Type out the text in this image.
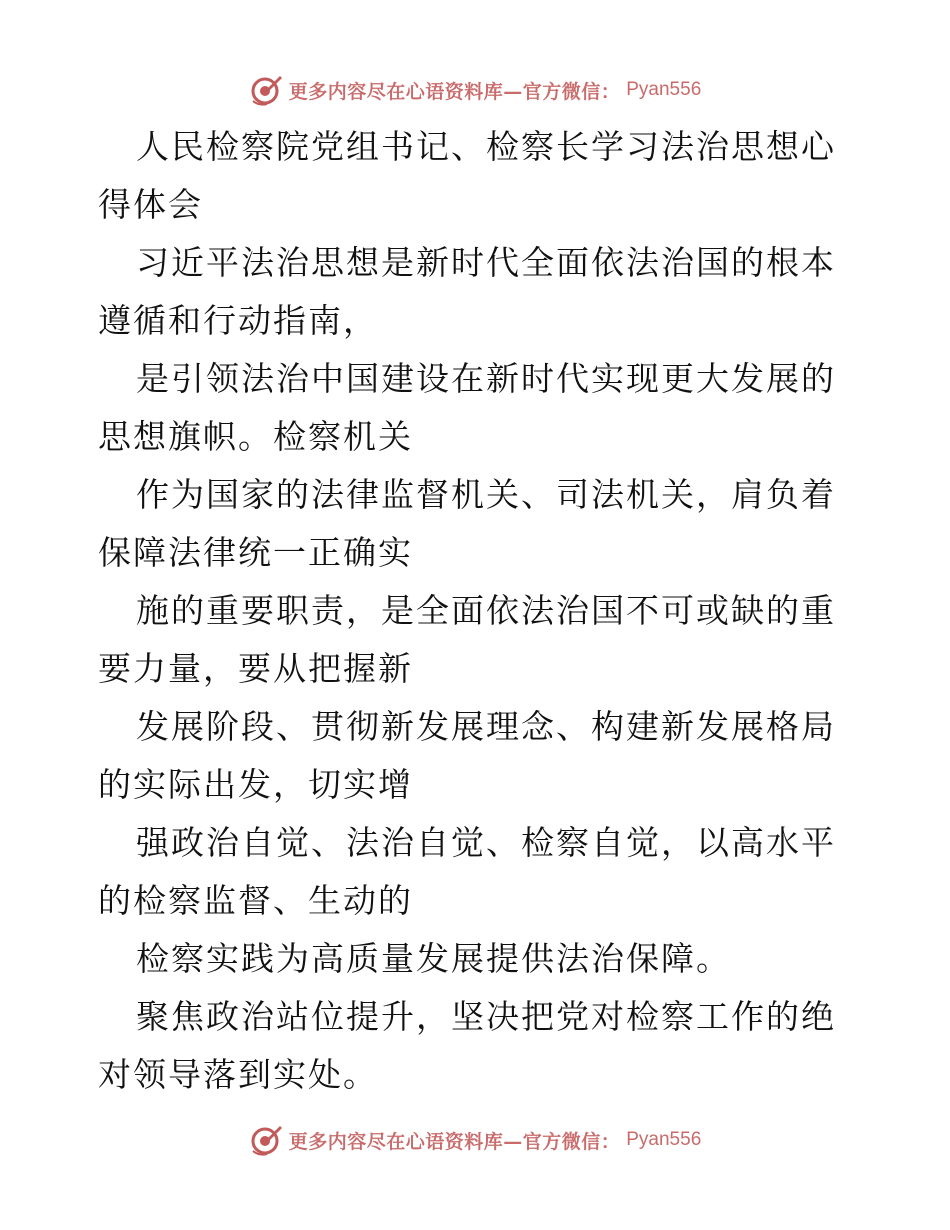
更多内容尽在心语资料库—官方微信： Pyan556

人民检察院党组书记、检察长学习法治思想心得体会

习近平法治思想是新时代全面依法治国的根本遵循和行动指南，

是引领法治中国建设在新时代实现更大发展的思想旗帜。检察机关

作为国家的法律监督机关、司法机关，肩负着保障法律统一正确实

施的重要职责，是全面依法治国不可或缺的重要力量，要从把握新

发展阶段、贯彻新发展理念、构建新发展格局的实际出发，切实增

强政治自觉、法治自觉、检察自觉，以高水平的检察监督、生动的

检察实践为高质量发展提供法治保障。

聚焦政治站位提升，坚决把党对检察工作的绝对领导落到实处。

更多内容尽在心语资料库—官方微信： Pyan556
